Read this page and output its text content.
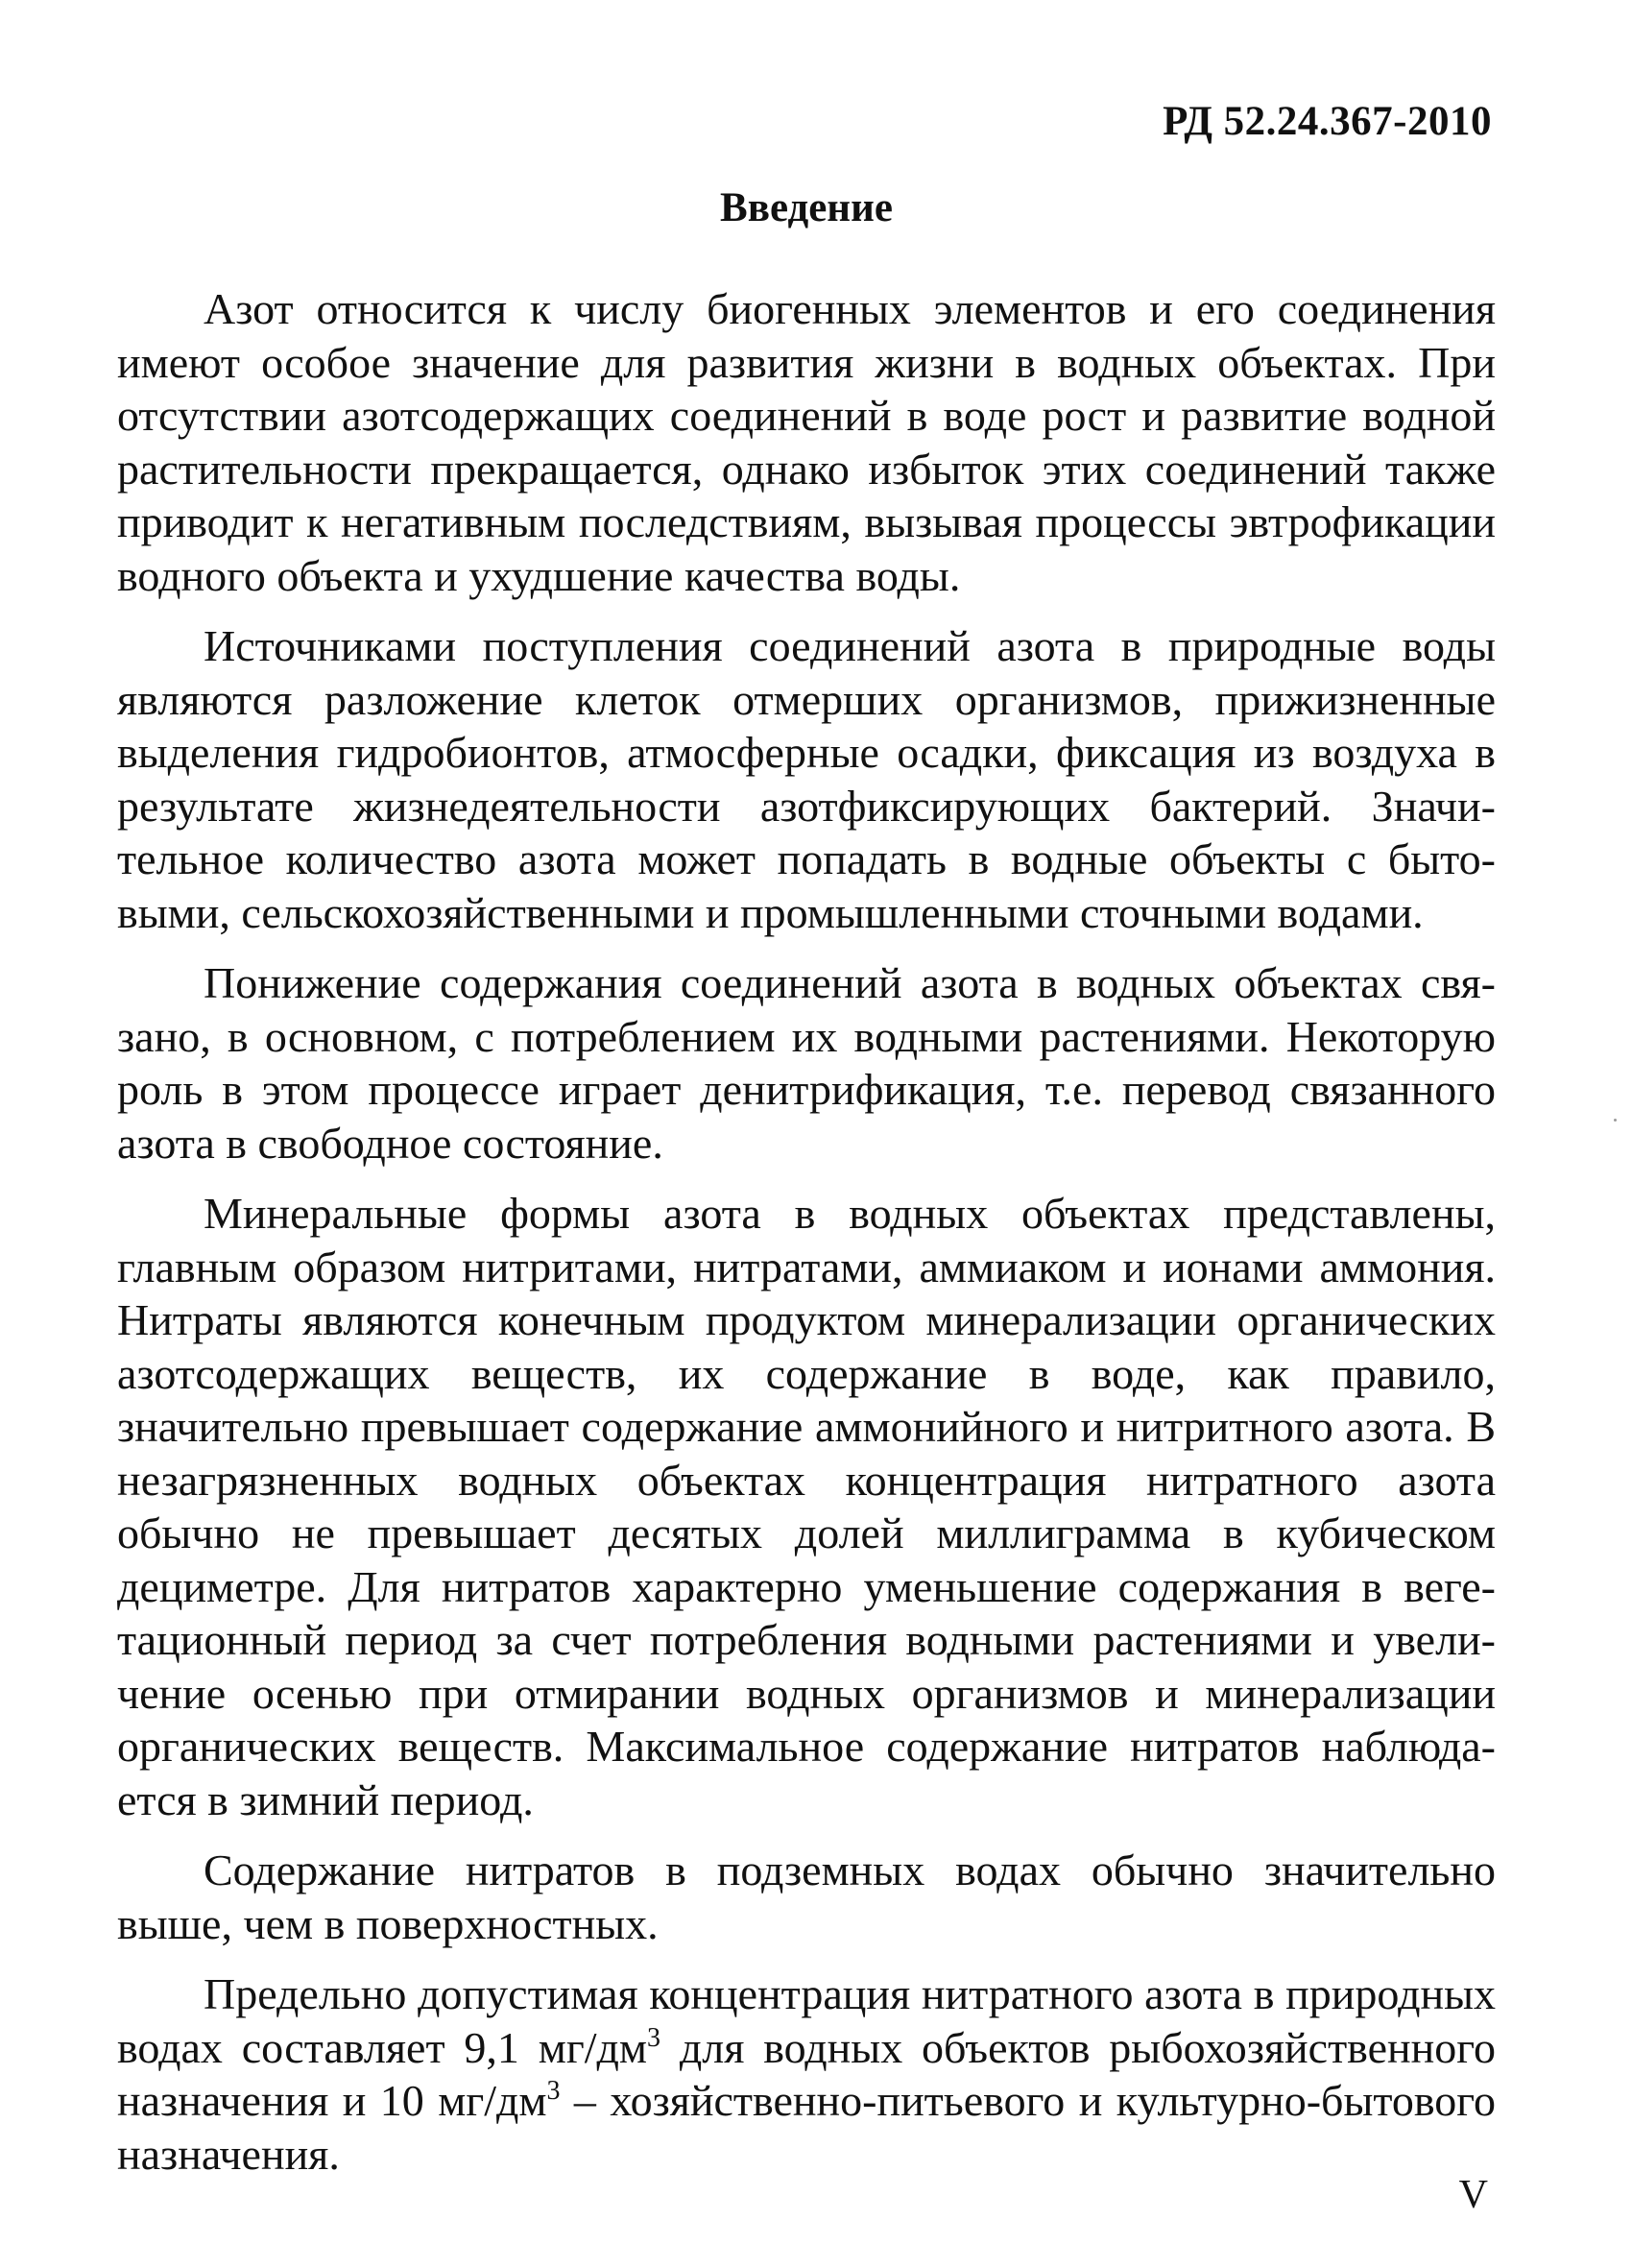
РД 52.24.367-2010

Введение

Азот относится к числу биогенных элементов и его соединения имеют особое значение для развития жизни в водных объектах. При отсутствии азотсодержащих соединений в воде рост и развитие водной растительности прекращается, однако избыток этих соединений также приводит к негативным последствиям, вызывая процессы эвтрофикации водного объекта и ухудшение качества воды.

Источниками поступления соединений азота в природные воды являются разложение клеток отмерших организмов, прижизненные выделения гидробионтов, атмосферные осадки, фиксация из воздуха в результате жизнедеятельности азотфиксирующих бактерий. Значительное количество азота может попадать в водные объекты с бытовыми, сельскохозяйственными и промышленными сточными водами.

Понижение содержания соединений азота в водных объектах связано, в основном, с потреблением их водными растениями. Некоторую роль в этом процессе играет денитрификация, т.е. перевод связанного азота в свободное состояние.

Минеральные формы азота в водных объектах представлены, главным образом нитритами, нитратами, аммиаком и ионами аммония. Нитраты являются конечным продуктом минерализации органических азотсодержащих веществ, их содержание в воде, как правило, значительно превышает содержание аммонийного и нитритного азота. В незагрязненных водных объектах концентрация нитратного азота обычно не превышает десятых долей миллиграмма в кубическом дециметре. Для нитратов характерно уменьшение содержания в вегетационный период за счет потребления водными растениями и увеличение осенью при отмирании водных организмов и минерализации органических веществ. Максимальное содержание нитратов наблюдается в зимний период.

Содержание нитратов в подземных водах обычно значительно выше, чем в поверхностных.

Предельно допустимая концентрация нитратного азота в природных водах составляет 9,1 $мг/дм^3$ для водных объектов рыбохозяйственного назначения и 10 $мг/дм^3$ – хозяйственно-питьевого и культурно-бытового назначения.

V
